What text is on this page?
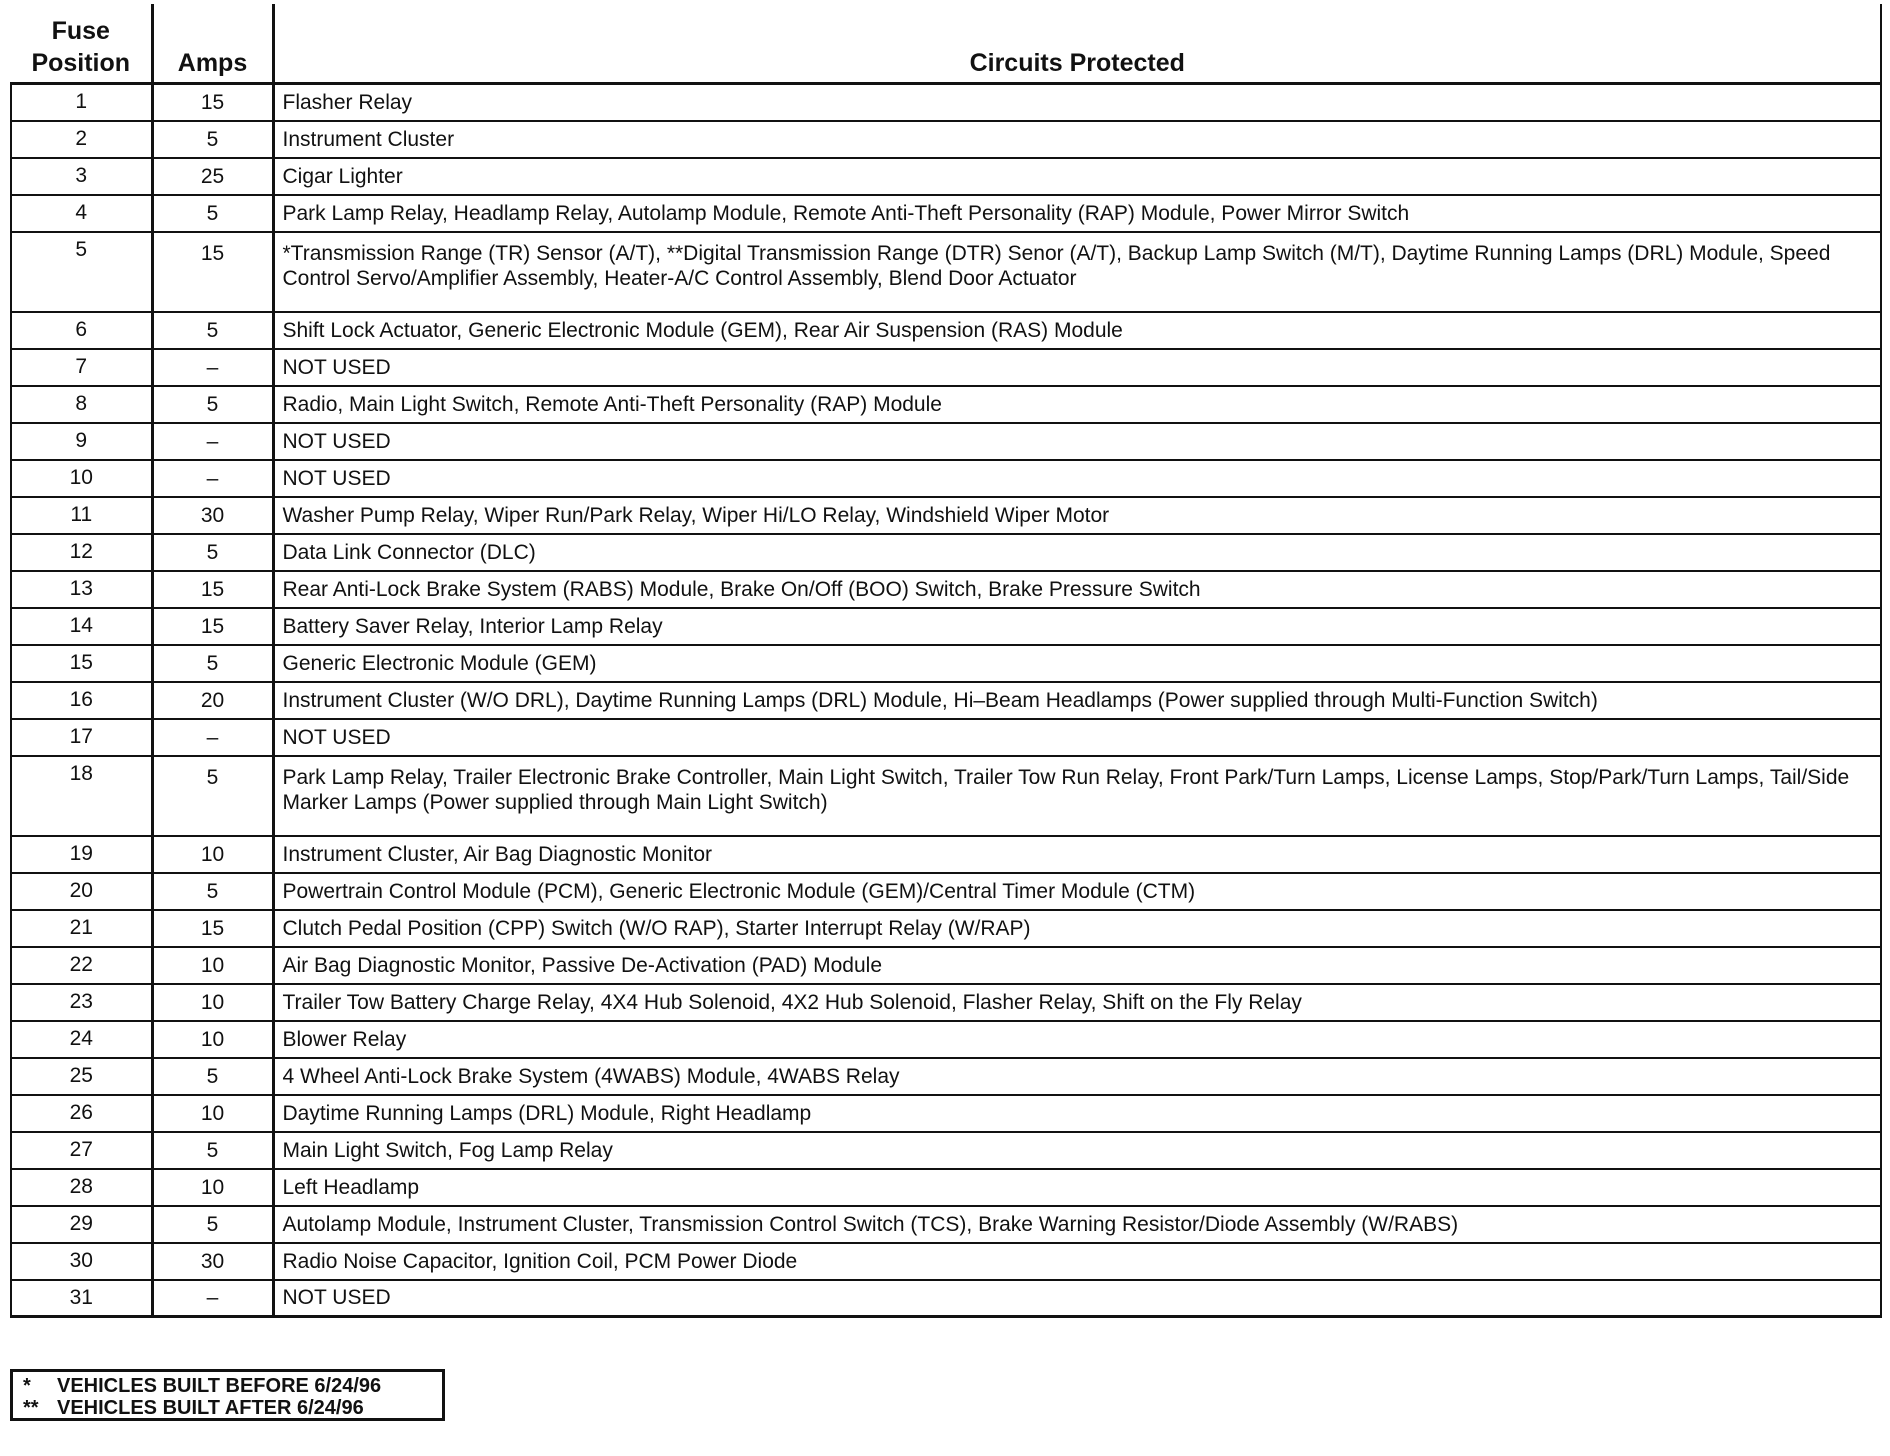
Fuse Position	Amps	Circuits Protected
1	15	Flasher Relay
2	5	Instrument Cluster
3	25	Cigar Lighter
4	5	Park Lamp Relay, Headlamp Relay, Autolamp Module, Remote Anti-Theft Personality (RAP) Module, Power Mirror Switch
5	15	*Transmission Range (TR) Sensor (A/T), **Digital Transmission Range (DTR) Senor (A/T), Backup Lamp Switch (M/T), Daytime Running Lamps (DRL) Module, Speed Control Servo/Amplifier Assembly, Heater-A/C Control Assembly, Blend Door Actuator
6	5	Shift Lock Actuator, Generic Electronic Module (GEM), Rear Air Suspension (RAS) Module
7	–	NOT USED
8	5	Radio, Main Light Switch, Remote Anti-Theft Personality (RAP) Module
9	–	NOT USED
10	–	NOT USED
11	30	Washer Pump Relay, Wiper Run/Park Relay, Wiper Hi/LO Relay, Windshield Wiper Motor
12	5	Data Link Connector (DLC)
13	15	Rear Anti-Lock Brake System (RABS) Module, Brake On/Off (BOO) Switch, Brake Pressure Switch
14	15	Battery Saver Relay, Interior Lamp Relay
15	5	Generic Electronic Module (GEM)
16	20	Instrument Cluster (W/O DRL), Daytime Running Lamps (DRL) Module, Hi–Beam Headlamps (Power supplied through Multi-Function Switch)
17	–	NOT USED
18	5	Park Lamp Relay, Trailer Electronic Brake Controller, Main Light Switch, Trailer Tow Run Relay, Front Park/Turn Lamps, License Lamps, Stop/Park/Turn Lamps, Tail/Side Marker Lamps (Power supplied through Main Light Switch)
19	10	Instrument Cluster, Air Bag Diagnostic Monitor
20	5	Powertrain Control Module (PCM), Generic Electronic Module (GEM)/Central Timer Module (CTM)
21	15	Clutch Pedal Position (CPP) Switch (W/O RAP), Starter Interrupt Relay (W/RAP)
22	10	Air Bag Diagnostic Monitor, Passive De-Activation (PAD) Module
23	10	Trailer Tow Battery Charge Relay, 4X4 Hub Solenoid, 4X2 Hub Solenoid, Flasher Relay, Shift on the Fly Relay
24	10	Blower Relay
25	5	4 Wheel Anti-Lock Brake System (4WABS) Module, 4WABS Relay
26	10	Daytime Running Lamps (DRL) Module, Right Headlamp
27	5	Main Light Switch, Fog Lamp Relay
28	10	Left Headlamp
29	5	Autolamp Module, Instrument Cluster, Transmission Control Switch (TCS), Brake Warning Resistor/Diode Assembly (W/RABS)
30	30	Radio Noise Capacitor, Ignition Coil, PCM Power Diode
31	–	NOT USED
*	VEHICLES BUILT BEFORE 6/24/96
** VEHICLES BUILT AFTER 6/24/96
